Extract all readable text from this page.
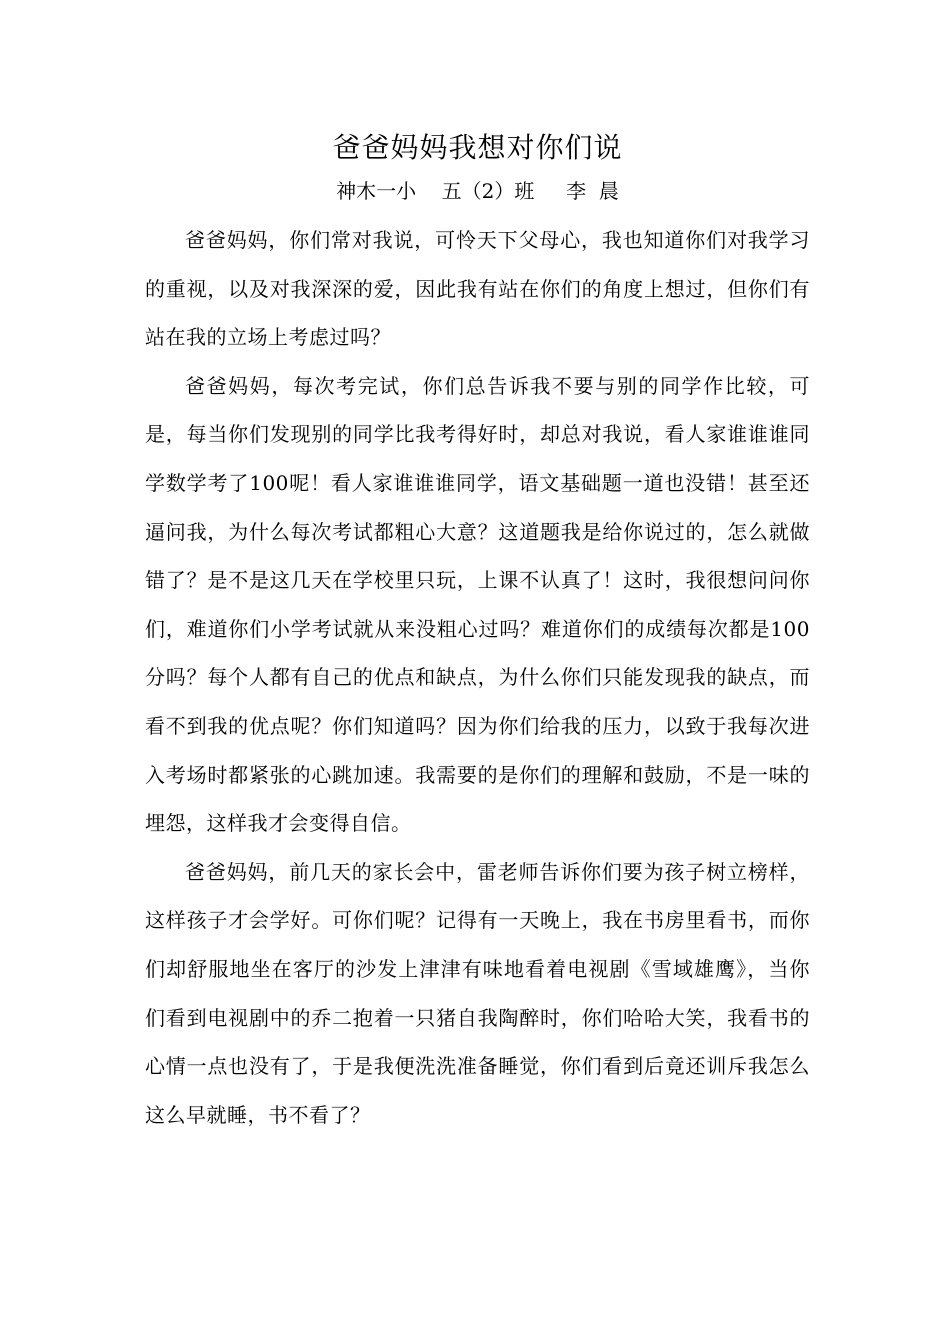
爸爸妈妈我想对你们说
神木一小    五（2）班     李  晨

爸爸妈妈，你们常对我说，可怜天下父母心，我也知道你们对我学习的重视，以及对我深深的爱，因此我有站在你们的角度上想过，但你们有站在我的立场上考虑过吗？

爸爸妈妈，每次考完试，你们总告诉我不要与别的同学作比较，可是，每当你们发现别的同学比我考得好时，却总对我说，看人家谁谁谁同学数学考了100呢！看人家谁谁谁同学，语文基础题一道也没错！甚至还逼问我，为什么每次考试都粗心大意？这道题我是给你说过的，怎么就做错了？是不是这几天在学校里只玩，上课不认真了！这时，我很想问问你们，难道你们小学考试就从来没粗心过吗？难道你们的成绩每次都是100分吗？每个人都有自己的优点和缺点，为什么你们只能发现我的缺点，而看不到我的优点呢？你们知道吗？因为你们给我的压力，以致于我每次进入考场时都紧张的心跳加速。我需要的是你们的理解和鼓励，不是一味的埋怨，这样我才会变得自信。

爸爸妈妈，前几天的家长会中，雷老师告诉你们要为孩子树立榜样，这样孩子才会学好。可你们呢？记得有一天晚上，我在书房里看书，而你们却舒服地坐在客厅的沙发上津津有味地看着电视剧《雪域雄鹰》，当你们看到电视剧中的乔二抱着一只猪自我陶醉时，你们哈哈大笑，我看书的心情一点也没有了，于是我便洗洗准备睡觉，你们看到后竟还训斥我怎么这么早就睡，书不看了？
